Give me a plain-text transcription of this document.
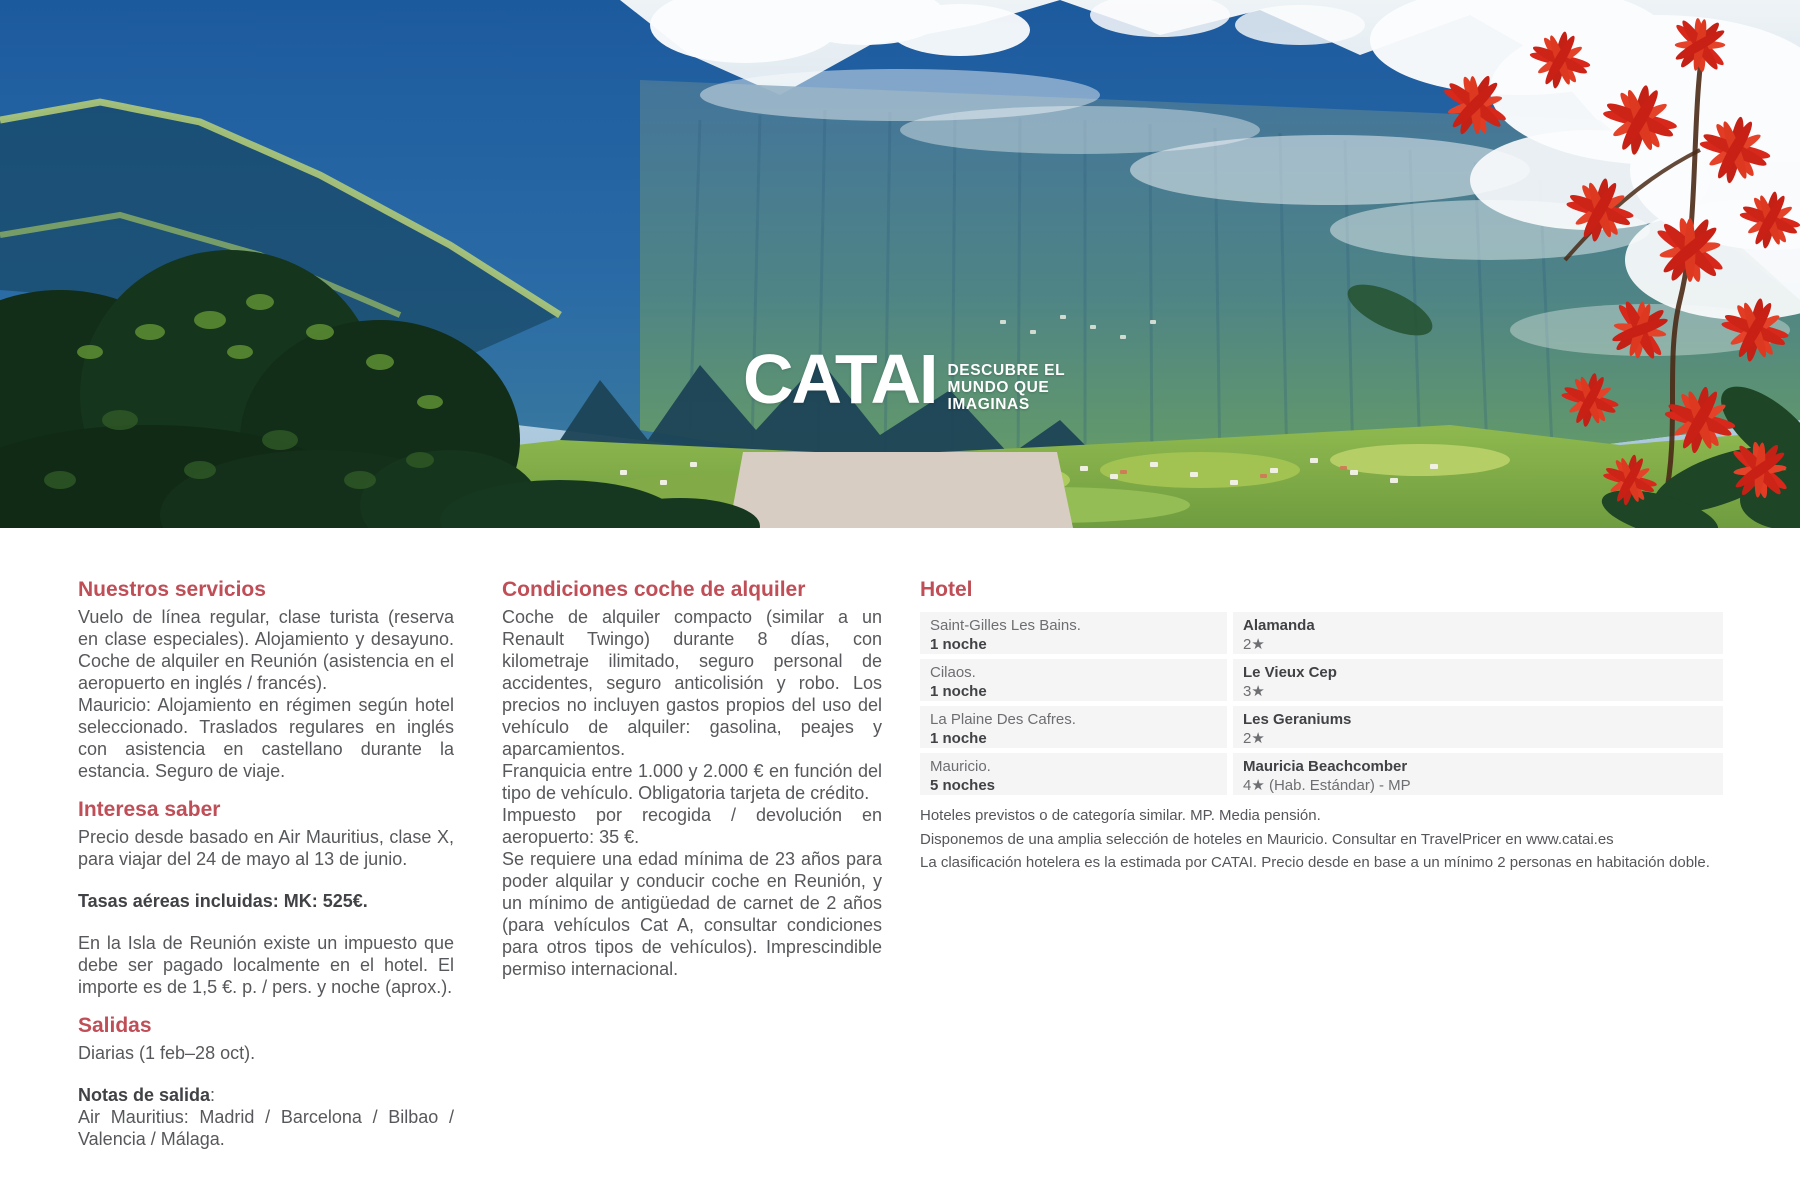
CATAI DESCUBRE EL
MUNDO QUE
IMAGINAS
Nuestros servicios

Vuelo de línea regular, clase turista (reserva en clase especiales). Alojamiento y desayuno. Coche de alquiler en Reunión (asistencia en el aeropuerto en inglés / francés).

Mauricio: Alojamiento en régimen según hotel seleccionado. Traslados regulares en inglés con asistencia en castellano durante la estancia. Seguro de viaje.

Interesa saber

Precio desde basado en Air Mauritius, clase X, para viajar del 24 de mayo al 13 de junio.

Tasas aéreas incluidas: MK: 525€.

En la Isla de Reunión existe un impuesto que debe ser pagado localmente en el hotel. El importe es de 1,5 €. p. / pers. y noche (aprox.).

Salidas

Diarias (1 feb–28 oct).

Notas de salida:

Air Mauritius: Madrid / Barcelona / Bilbao / Valencia / Málaga.

Condiciones coche de alquiler

Coche de alquiler compacto (similar a un Renault Twingo) durante 8 días, con kilometraje ilimitado, seguro personal de accidentes, seguro anticolisión y robo. Los precios no incluyen gastos propios del uso del vehículo de alquiler: gasolina, peajes y aparcamientos.

Franquicia entre 1.000 y 2.000 € en función del tipo de vehículo. Obligatoria tarjeta de crédito.

Impuesto por recogida / devolución en aeropuerto: 35 €.

Se requiere una edad mínima de 23 años para poder alquilar y conducir coche en Reunión, y un mínimo de antigüedad de carnet de 2 años (para vehículos Cat A, consultar condiciones para otros tipos de vehículos). Imprescindible permiso internacional.

Hotel
Saint-Gilles Les Bains.
1 noche
Alamanda
2★
Cilaos.
1 noche
Le Vieux Cep
3★
La Plaine Des Cafres.
1 noche
Les Geraniums
2★
Mauricio.
5 noches
Mauricia Beachcomber
4★ (Hab. Estándar) - MP

Hoteles previstos o de categoría similar. MP. Media pensión.

Disponemos de una amplia selección de hoteles en Mauricio. Consultar en TravelPricer en www.catai.es

La clasificación hotelera es la estimada por CATAI. Precio desde en base a un mínimo 2 personas en habitación doble.
